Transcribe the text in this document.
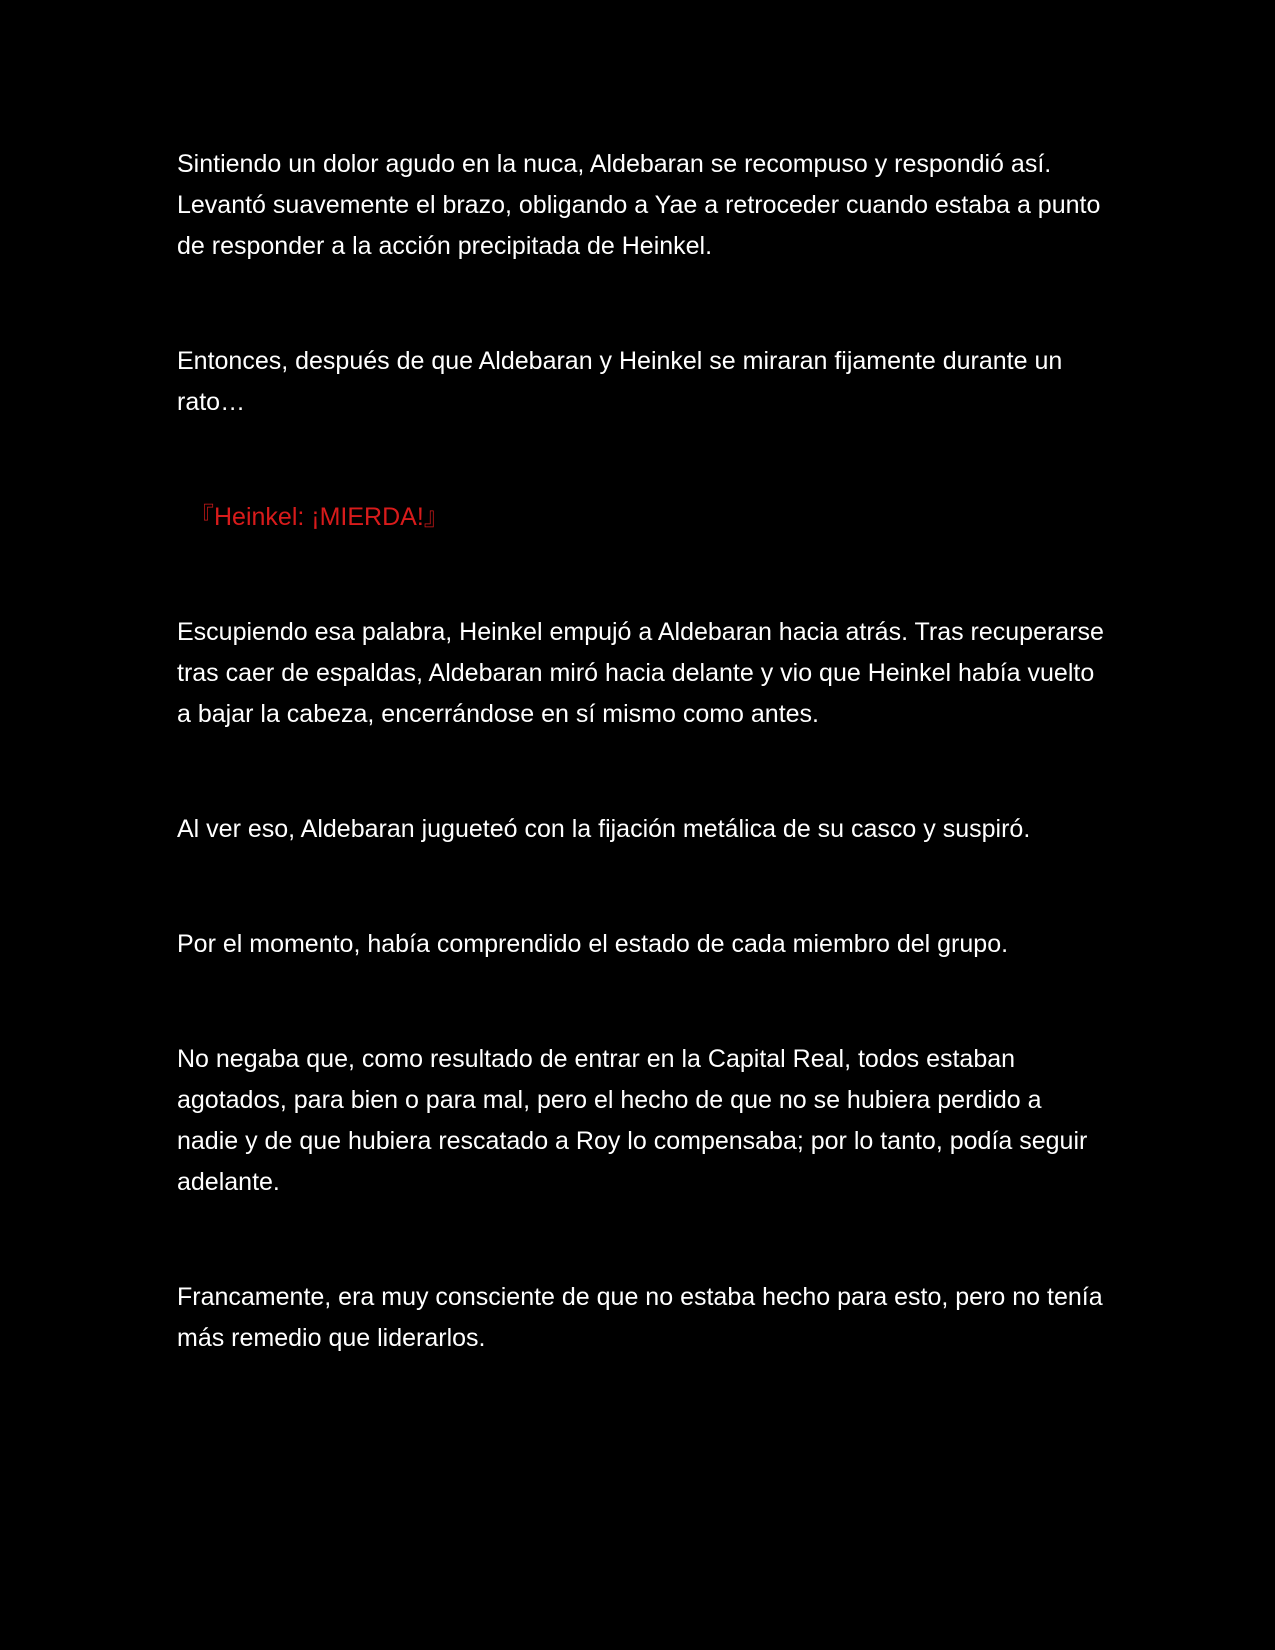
Sintiendo un dolor agudo en la nuca, Aldebaran se recompuso y respondió así. Levantó suavemente el brazo, obligando a Yae a retroceder cuando estaba a punto de responder a la acción precipitada de Heinkel.

Entonces, después de que Aldebaran y Heinkel se miraran fijamente durante un rato…

『Heinkel: ¡MIERDA!』

Escupiendo esa palabra, Heinkel empujó a Aldebaran hacia atrás. Tras recuperarse tras caer de espaldas, Aldebaran miró hacia delante y vio que Heinkel había vuelto a bajar la cabeza, encerrándose en sí mismo como antes.

Al ver eso, Aldebaran jugueteó con la fijación metálica de su casco y suspiró.

Por el momento, había comprendido el estado de cada miembro del grupo.

No negaba que, como resultado de entrar en la Capital Real, todos estaban agotados, para bien o para mal, pero el hecho de que no se hubiera perdido a nadie y de que hubiera rescatado a Roy lo compensaba; por lo tanto, podía seguir adelante.

Francamente, era muy consciente de que no estaba hecho para esto, pero no tenía más remedio que liderarlos.
